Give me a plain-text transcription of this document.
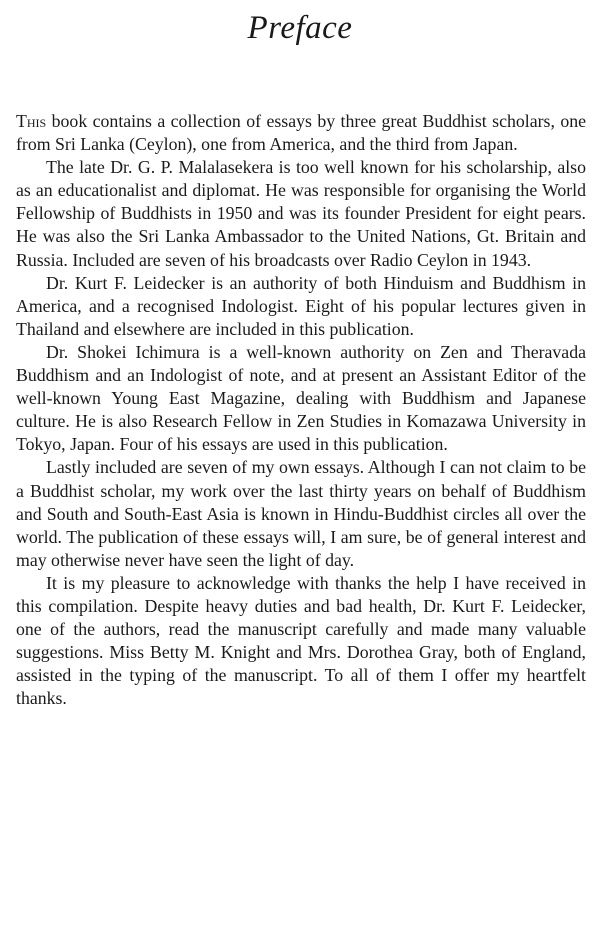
Preface

This book contains a collection of essays by three great Buddhist scholars, one from Sri Lanka (Ceylon), one from America, and the third from Japan.

The late Dr. G. P. Malalasekera is too well known for his scholarship, also as an educationalist and diplomat. He was responsible for organising the World Fellowship of Buddhists in 1950 and was its founder President for eight pears. He was also the Sri Lanka Ambassador to the United Nations, Gt. Britain and Russia. Included are seven of his broadcasts over Radio Ceylon in 1943.

Dr. Kurt F. Leidecker is an authority of both Hinduism and Buddhism in America, and a recognised Indologist. Eight of his popular lectures given in Thailand and elsewhere are included in this publication.

Dr. Shokei Ichimura is a well-known authority on Zen and Theravada Buddhism and an Indologist of note, and at present an Assistant Editor of the well-known Young East Magazine, dealing with Buddhism and Japanese culture. He is also Research Fellow in Zen Studies in Komazawa University in Tokyo, Japan. Four of his essays are used in this publication.

Lastly included are seven of my own essays. Although I can not claim to be a Buddhist scholar, my work over the last thirty years on behalf of Buddhism and South and South-East Asia is known in Hindu-Buddhist circles all over the world. The publication of these essays will, I am sure, be of general interest and may otherwise never have seen the light of day.

It is my pleasure to acknowledge with thanks the help I have received in this compilation. Despite heavy duties and bad health, Dr. Kurt F. Leidecker, one of the authors, read the manuscript carefully and made many valuable suggestions. Miss Betty M. Knight and Mrs. Dorothea Gray, both of England, assisted in the typing of the manuscript. To all of them I offer my heartfelt thanks.
